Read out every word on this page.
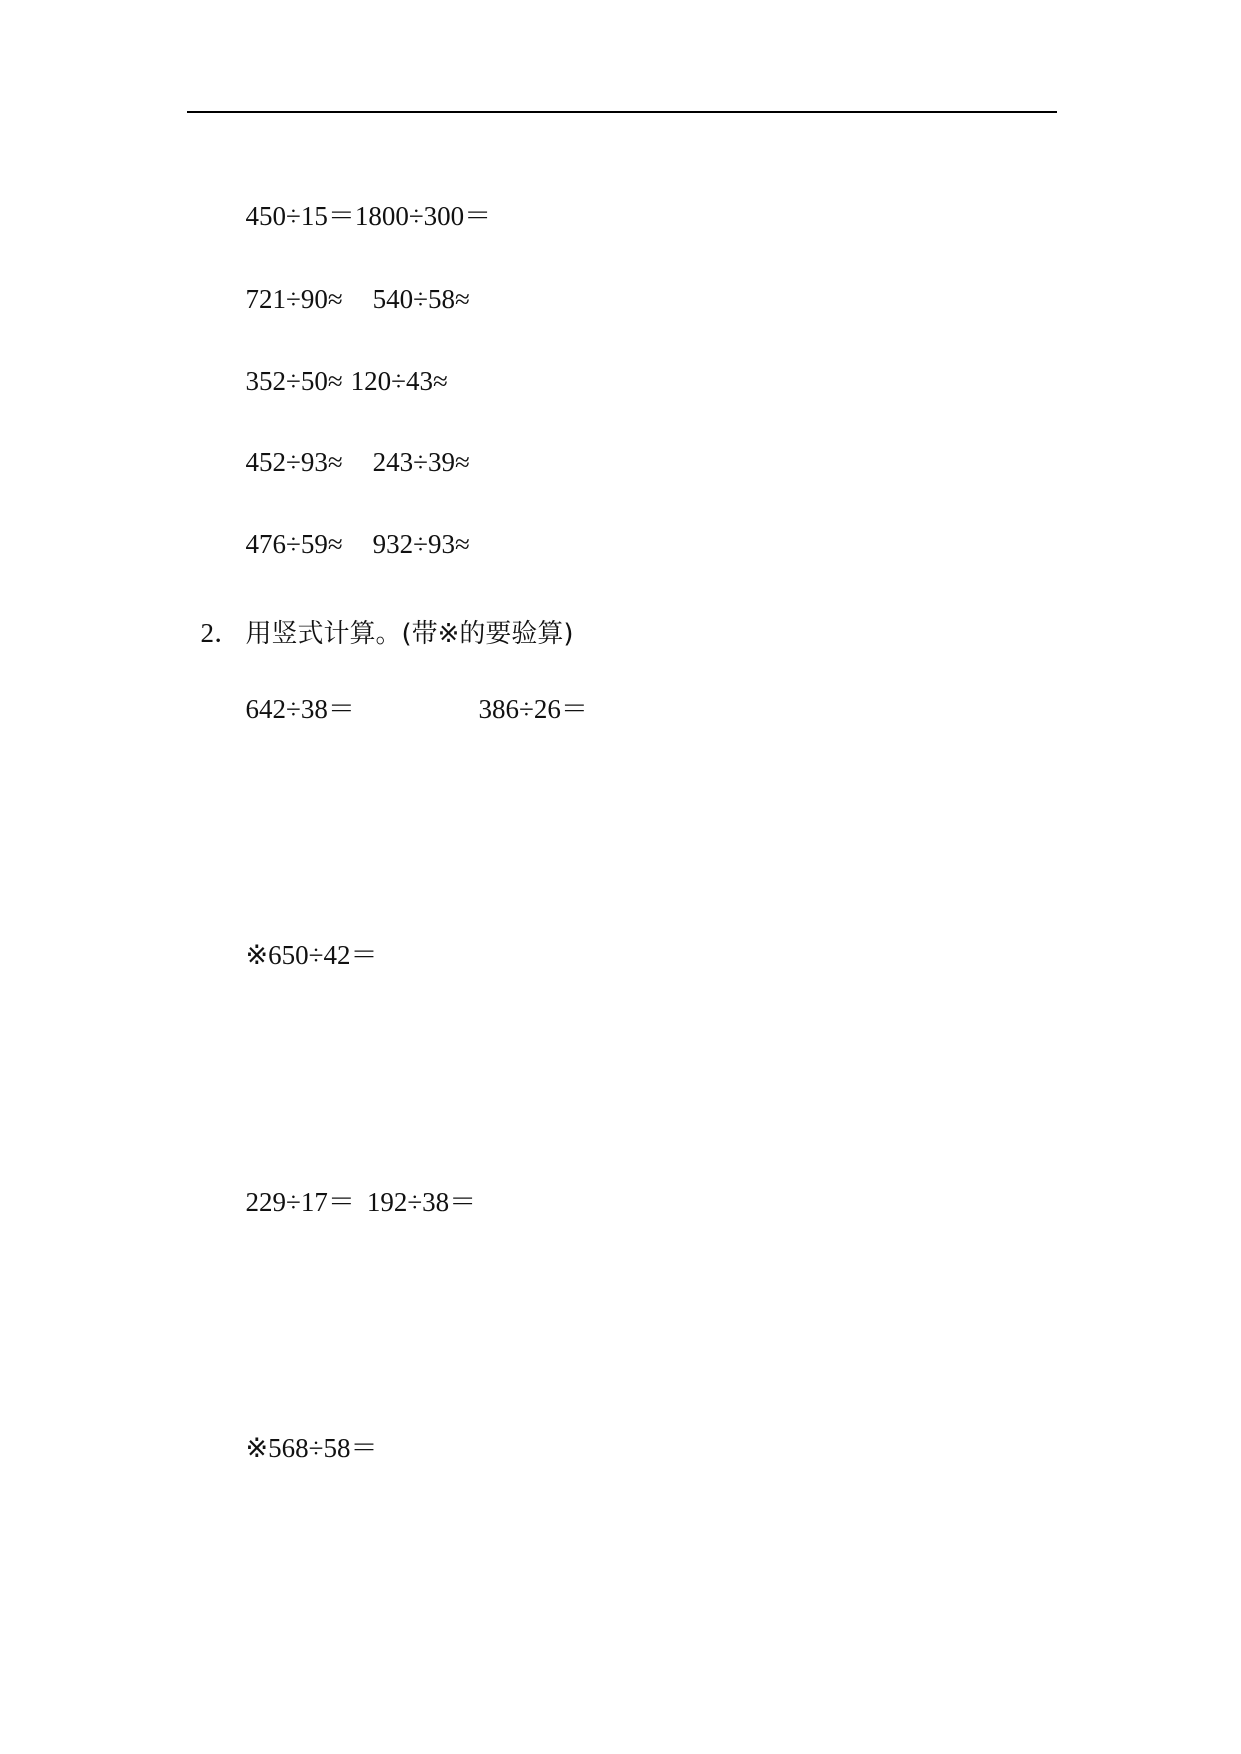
450÷15＝1800÷300＝

721÷90≈ 540÷58≈

352÷50≈ 120÷43≈

452÷93≈ 243÷39≈

476÷59≈ 932÷93≈

2． 用竖式计算。(带※的要验算)

642÷38＝	386÷26＝

※650÷42＝

229÷17＝ 192÷38＝

※568÷58＝
